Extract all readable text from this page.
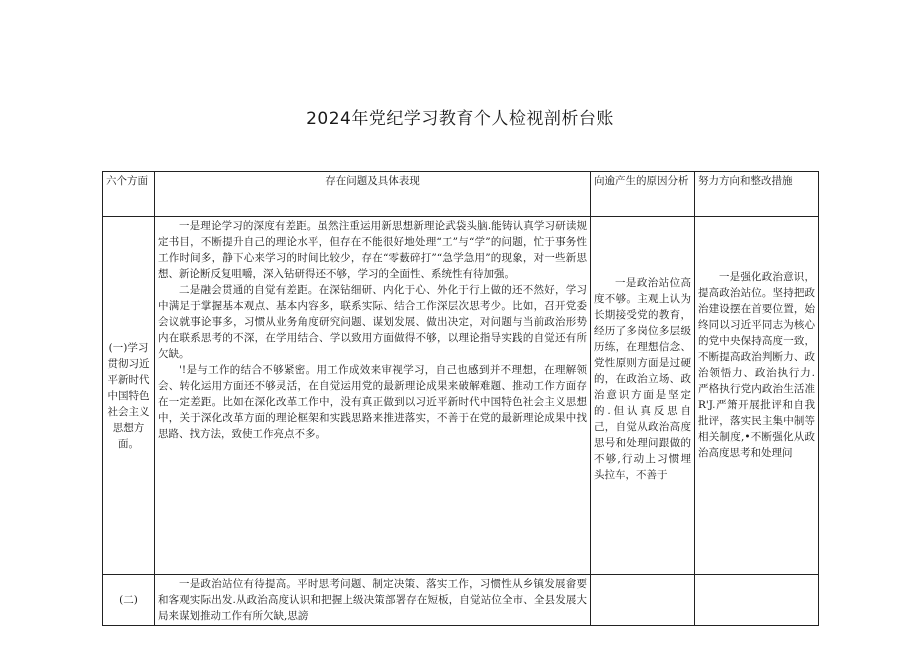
2024年党纪学习教育个人检视剖析台账
六个方面	存在问题及具体表现	向逾产生的原因分析	努力方向和整改措施
(一)学习贯彻习近平新时代中国特色社会主义思想方面。	一是理论学习的深度有差距。虽然注重运用新思想新理论武袋头脑.能铸认真学习研读规定书目，不断提升自己的理论水平，但存在不能很好地处理“工”与“学”的问题，忙于事务性工作时间多，静下心来学习的时间比较少，存在“零薮碎打”“急学急用”的现象，对一些新思想、新论断反复咀嚼，深入钻研得还不够，学习的全面性、系统性有待加强。

二是融会贯通的自觉有差距。在深钻细研、内化于心、外化于行上做的还不然好，学习中满足于掌握基本观点、基本内容多，联系实际、结合工作深层次思考少。比如，召开党委会议就事论事多，习惯从业务角度研究问题、谋划发展、做出决定，对问题与当前政治形势内在联系思考的不深，在学用结合、学以致用方面做得不够，以理论指导实践的自觉还有所欠缺。

'!是与工作的结合不够紧密。用工作成效来审视学习，自己也感到并不理想，在理解领会、转化运用方面还不够灵活，在自觉运用党的最新理论成果来破解难题、推动工作方面存在一定差距。比如在深化改革工作中，没有真正做到以习近平新时代中国特色社会主义思想中，关于深化改革方面的理论框架和实践思路来推进落实，不善于在党的最新理论成果中找思路、找方法，致使工作亮点不多。	一是政治站位高度不够。主观上认为长期接受党的教育，经历了多岗位多层级历练，在理想信念、党性原则方面是过硬的，在政治立场、政治意识方面是坚定的.但认真反思自己，自觉从政治高度思号和处理问跟做的不够,行动上习惯埋头拉车，不善于	一是强化政治意识，提高政治站位。坚持把政治建设摆在首要位置，始终同以习近平同志为核心的党中央保持高度一致，不断提高政治判断力、政治领悟力、政治执行力.严格执行党内政治生活准R'J.严箫开展批评和自我批评，落实民主集中制等相关制度,•不断强化从政治高度思考和处理问
(二)	一是政治站位有待提高。平时思考问题、制定决策、落实工作，习惯性从乡镇发展畲要和客观实际出发.从政治高度认识和把握上级决策部署存在短板，自觉站位全市、全县发展大局来谋划推动工作有所欠缺,思謗		
